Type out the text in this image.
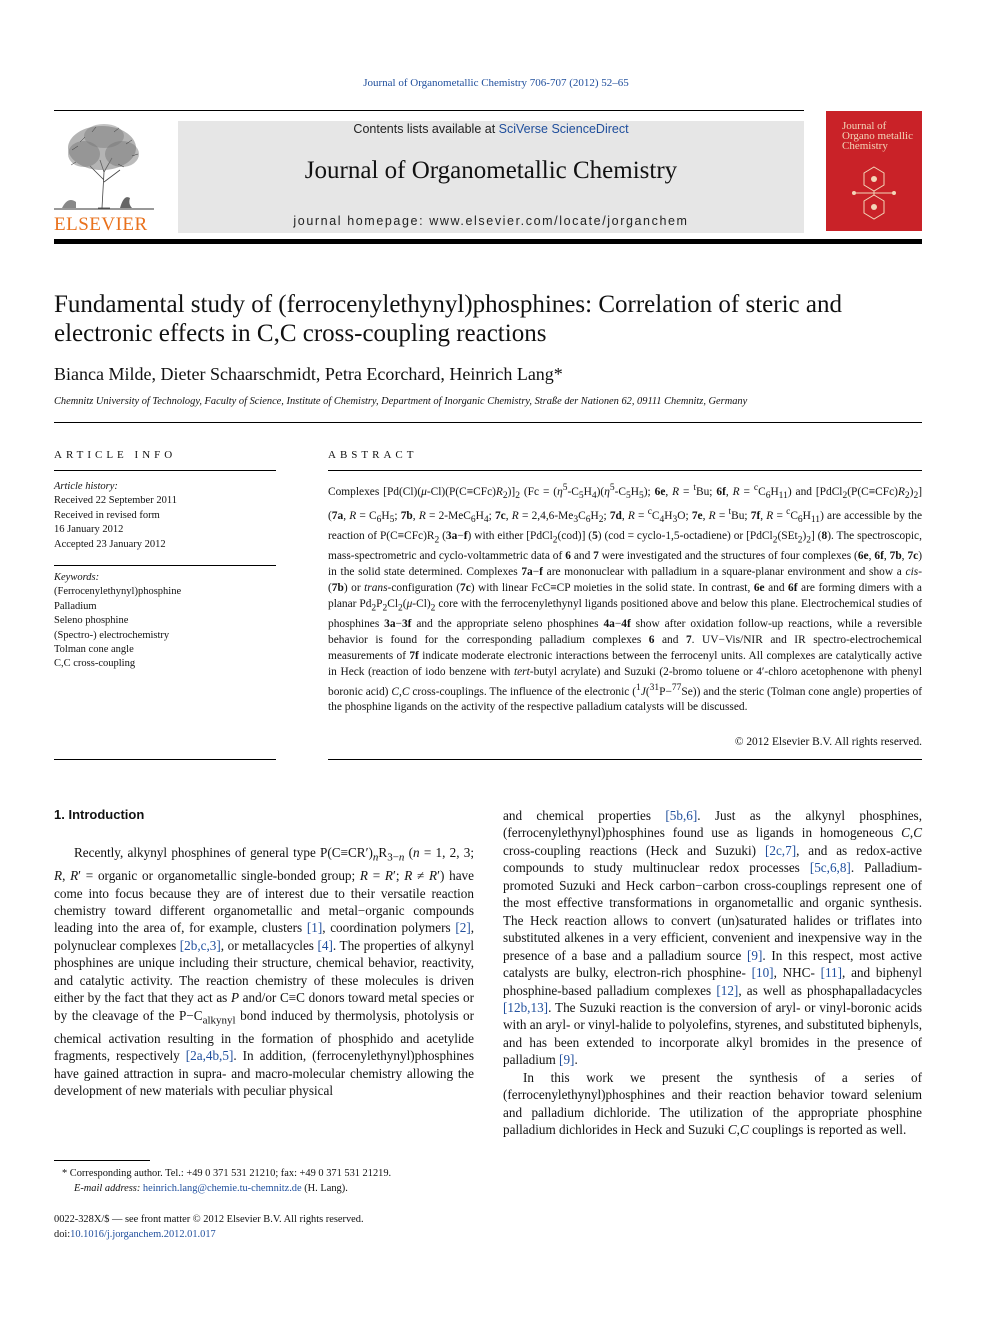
Journal of Organometallic Chemistry 706-707 (2012) 52–65
ELSEVIER
Contents lists available at SciVerse ScienceDirect
Journal of Organometallic Chemistry
journal homepage: www.elsevier.com/locate/jorganchem
Journal of Organo metallic Chemistry
Fundamental study of (ferrocenylethynyl)phosphines: Correlation of steric and electronic effects in C,C cross-coupling reactions
Bianca Milde, Dieter Schaarschmidt, Petra Ecorchard, Heinrich Lang*
Chemnitz University of Technology, Faculty of Science, Institute of Chemistry, Department of Inorganic Chemistry, Straße der Nationen 62, 09111 Chemnitz, Germany
ARTICLE INFO
Article history:
Received 22 September 2011
Received in revised form
16 January 2012
Accepted 23 January 2012
Keywords:
(Ferrocenylethynyl)phosphine
Palladium
Seleno phosphine
(Spectro-) electrochemistry
Tolman cone angle
C,C cross-coupling
ABSTRACT
Complexes $[Pd(Cl)(\mu-Cl)(P(C\equiv CFc)R_2)]_2$ ($Fc = (\eta^5-C_5H_4)(\eta^5-C_5H_5)$; 6e, R = $^t$Bu; 6f, $R = ^cC_6H_{11}$) and $[PdCl_2(P(C\equiv CFc)R_2)_2]$ (7a, $R = C_6H_5$; 7b, $R = 2-MeC_6H_4$; 7c, $R = 2,4,6-Me_3C_6H_2$; 7d, $R = ^cC_4H_3O$; 7e, R = $^t$Bu; 7f, $R = ^cC_6H_{11}$) are accessible by the reaction of $P(C\equiv CFc)R_2$ (3a−f) with either [PdCl$_2$(cod)] (5) (cod = cyclo-1,5-octadiene) or $[PdCl_2(SEt_2)_2]$ (8). The spectroscopic, mass-spectrometric and cyclo-voltammetric data of 6 and 7 were investigated and the structures of four complexes (6e, 6f, 7b, 7c) in the solid state determined. Complexes 7a−f are mononuclear with palladium in a square-planar environment and show a cis- (7b) or trans-configuration (7c) with linear FcC≡CP moieties in the solid state. In contrast, 6e and 6f are forming dimers with a planar $Pd_2P_2Cl_2(\mu-Cl)_2$ core with the ferrocenylethynyl ligands positioned above and below this plane. Electrochemical studies of phosphines 3a−3f and the appropriate seleno phosphines 4a−4f show after oxidation follow-up reactions, while a reversible behavior is found for the corresponding palladium complexes 6 and 7. UV−Vis/NIR and IR spectro-electrochemical measurements of 7f indicate moderate electronic interactions between the ferrocenyl units. All complexes are catalytically active in Heck (reaction of iodo benzene with tert-butyl acrylate) and Suzuki (2-bromo toluene or 4′-chloro acetophenone with phenyl boronic acid) C,C cross-couplings. The influence of the electronic ($^1$J($^{31}$P−$^{77}$Se)) and the steric (Tolman cone angle) properties of the phosphine ligands on the activity of the respective palladium catalysts will be discussed.
© 2012 Elsevier B.V. All rights reserved.
1. Introduction

Recently, alkynyl phosphines of general type $P(C\equiv CR')_nR_{3-n}$ (n = 1, 2, 3; R, R′ = organic or organometallic single-bonded group; R = R′; R ≠ R′) have come into focus because they are of interest due to their versatile reaction chemistry toward different organometallic and metal−organic compounds leading into the area of, for example, clusters [1], coordination polymers [2], polynuclear complexes [2b,c,3], or metallacycles [4]. The properties of alkynyl phosphines are unique including their structure, chemical behavior, reactivity, and catalytic activity. The reaction chemistry of these molecules is driven either by the fact that they act as P and/or C≡C donors toward metal species or by the cleavage of the $P-C_{alkynyl}$ bond induced by thermolysis, photolysis or chemical activation resulting in the formation of phosphido and acetylide fragments, respectively [2a,4b,5]. In addition, (ferrocenylethynyl)phosphines have gained attraction in supra- and macro-molecular chemistry allowing the development of new materials with peculiar physical

and chemical properties [5b,6]. Just as the alkynyl phosphines, (ferrocenylethynyl)phosphines found use as ligands in homogeneous C,C cross-coupling reactions (Heck and Suzuki) [2c,7], and as redox-active compounds to study multinuclear redox processes [5c,6,8]. Palladium-promoted Suzuki and Heck carbon−carbon cross-couplings represent one of the most effective transformations in organometallic and organic synthesis. The Heck reaction allows to convert (un)saturated halides or triflates into substituted alkenes in a very efficient, convenient and inexpensive way in the presence of a base and a palladium source [9]. In this respect, most active catalysts are bulky, electron-rich phosphine- [10], NHC- [11], and biphenyl phosphine-based palladium complexes [12], as well as phosphapalladacycles [12b,13]. The Suzuki reaction is the conversion of aryl- or vinyl-boronic acids with an aryl- or vinyl-halide to polyolefins, styrenes, and substituted biphenyls, and has been extended to incorporate alkyl bromides in the presence of palladium [9].

In this work we present the synthesis of a series of (ferrocenylethynyl)phosphines and their reaction behavior toward selenium and palladium dichloride. The utilization of the appropriate phosphine palladium dichlorides in Heck and Suzuki C,C couplings is reported as well.

* Corresponding author. Tel.: +49 0 371 531 21210; fax: +49 0 371 531 21219.
E-mail address: heinrich.lang@chemie.tu-chemnitz.de (H. Lang).
0022-328X/$ — see front matter © 2012 Elsevier B.V. All rights reserved.
doi:10.1016/j.jorganchem.2012.01.017
